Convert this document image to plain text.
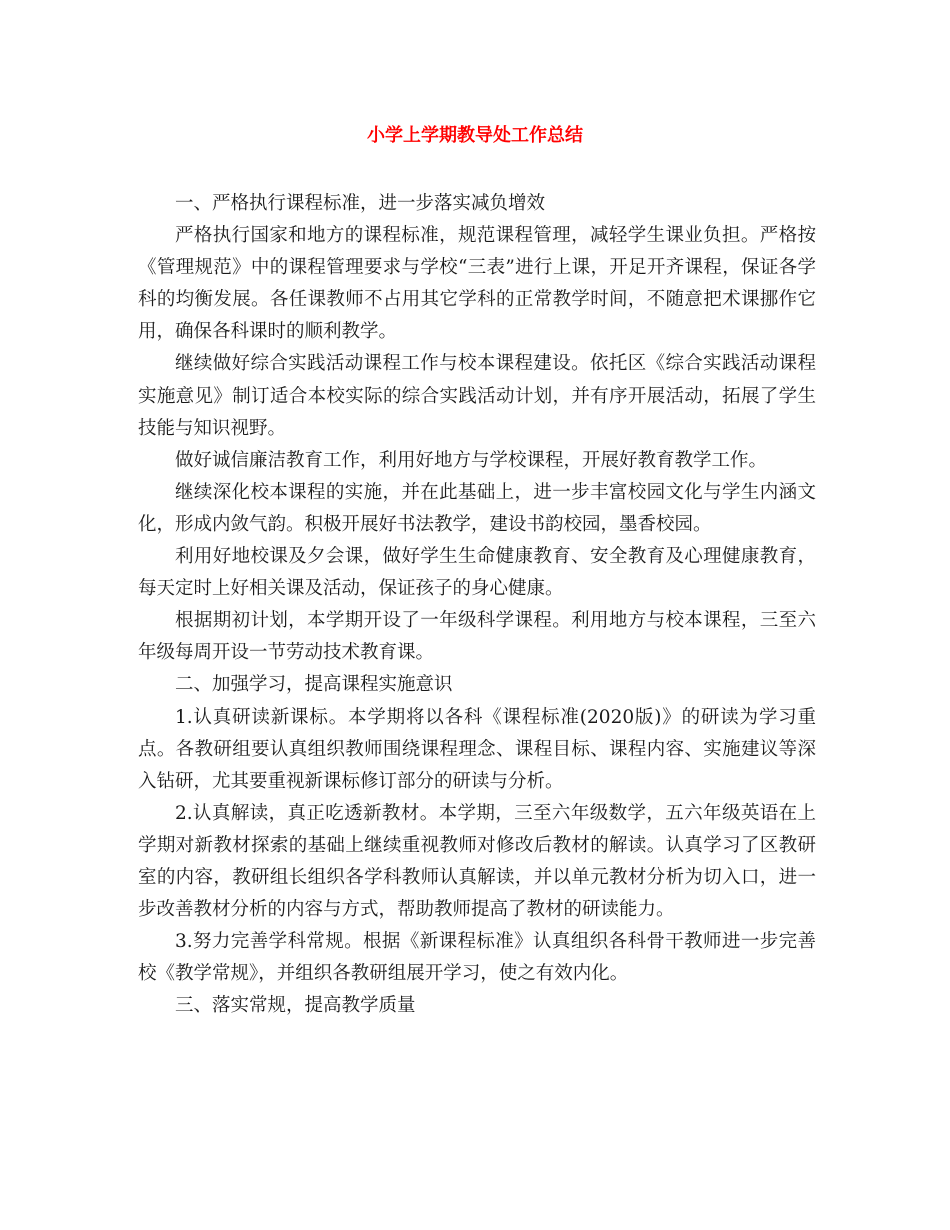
小学上学期教导处工作总结

一、严格执行课程标准，进一步落实减负增效

严格执行国家和地方的课程标准，规范课程管理，减轻学生课业负担。严格按《管理规范》中的课程管理要求与学校“三表”进行上课，开足开齐课程，保证各学科的均衡发展。各任课教师不占用其它学科的正常教学时间，不随意把术课挪作它用，确保各科课时的顺利教学。

继续做好综合实践活动课程工作与校本课程建设。依托区《综合实践活动课程实施意见》制订适合本校实际的综合实践活动计划，并有序开展活动，拓展了学生技能与知识视野。

做好诚信廉洁教育工作，利用好地方与学校课程，开展好教育教学工作。

继续深化校本课程的实施，并在此基础上，进一步丰富校园文化与学生内涵文化，形成内敛气韵。积极开展好书法教学，建设书韵校园，墨香校园。

利用好地校课及夕会课，做好学生生命健康教育、安全教育及心理健康教育，每天定时上好相关课及活动，保证孩子的身心健康。

根据期初计划，本学期开设了一年级科学课程。利用地方与校本课程，三至六年级每周开设一节劳动技术教育课。

二、加强学习，提高课程实施意识

1.认真研读新课标。本学期将以各科《课程标准(2020版)》的研读为学习重点。各教研组要认真组织教师围绕课程理念、课程目标、课程内容、实施建议等深入钻研，尤其要重视新课标修订部分的研读与分析。

2.认真解读，真正吃透新教材。本学期，三至六年级数学，五六年级英语在上学期对新教材探索的基础上继续重视教师对修改后教材的解读。认真学习了区教研室的内容，教研组长组织各学科教师认真解读，并以单元教材分析为切入口，进一步改善教材分析的内容与方式，帮助教师提高了教材的研读能力。

3.努力完善学科常规。根据《新课程标准》认真组织各科骨干教师进一步完善校《教学常规》，并组织各教研组展开学习，使之有效内化。

三、落实常规，提高教学质量
